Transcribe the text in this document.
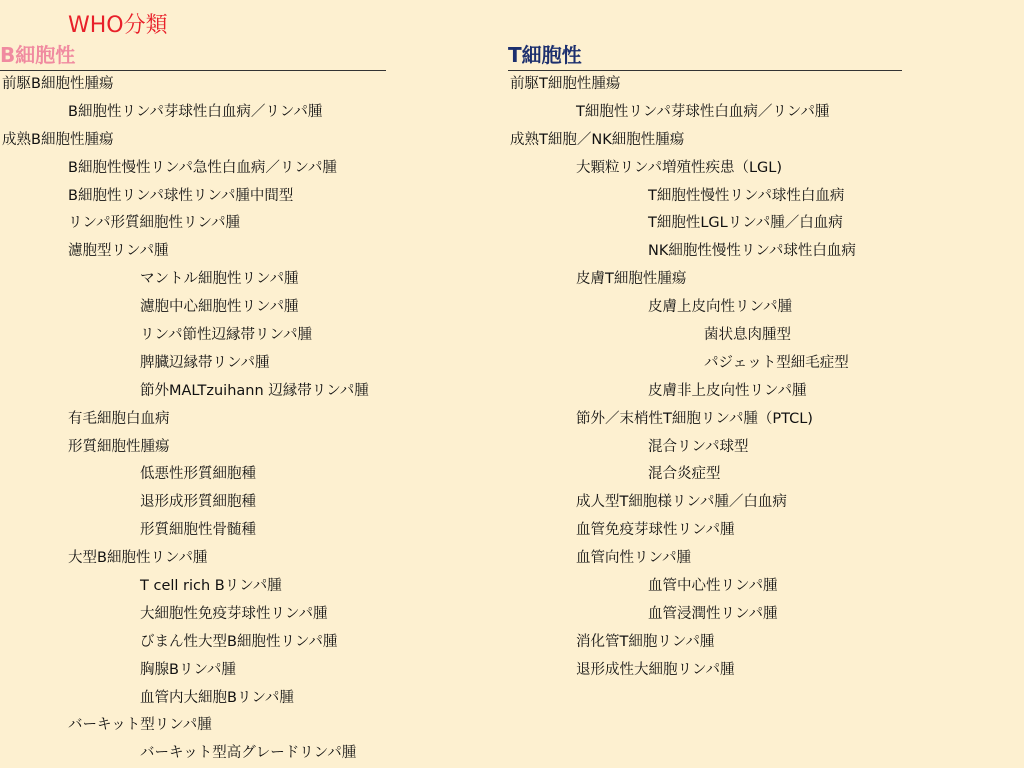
WHO分類
B細胞性
前駆B細胞性腫瘍
B細胞性リンパ芽球性白血病／リンパ腫
成熟B細胞性腫瘍
B細胞性慢性リンパ急性白血病／リンパ腫
B細胞性リンパ球性リンパ腫中間型
リンパ形質細胞性リンパ腫
濾胞型リンパ腫
マントル細胞性リンパ腫
濾胞中心細胞性リンパ腫
リンパ節性辺縁帯リンパ腫
脾臓辺縁帯リンパ腫
節外MALTzuihann 辺縁帯リンパ腫
有毛細胞白血病
形質細胞性腫瘍
低悪性形質細胞種
退形成形質細胞種
形質細胞性骨髄種
大型B細胞性リンパ腫
T cell rich Bリンパ腫
大細胞性免疫芽球性リンパ腫
びまん性大型B細胞性リンパ腫
胸腺Bリンパ腫
血管内大細胞Bリンパ腫
バーキット型リンパ腫
バーキット型高グレードリンパ腫
T細胞性
前駆T細胞性腫瘍
T細胞性リンパ芽球性白血病／リンパ腫
成熟T細胞／NK細胞性腫瘍
大顆粒リンパ増殖性疾患（LGL)
T細胞性慢性リンパ球性白血病
T細胞性LGLリンパ腫／白血病
NK細胞性慢性リンパ球性白血病
皮膚T細胞性腫瘍
皮膚上皮向性リンパ腫
菌状息肉腫型
パジェット型細毛症型
皮膚非上皮向性リンパ腫
節外／末梢性T細胞リンパ腫（PTCL)
混合リンパ球型
混合炎症型
成人型T細胞様リンパ腫／白血病
血管免疫芽球性リンパ腫
血管向性リンパ腫
血管中心性リンパ腫
血管浸潤性リンパ腫
消化管T細胞リンパ腫
退形成性大細胞リンパ腫
